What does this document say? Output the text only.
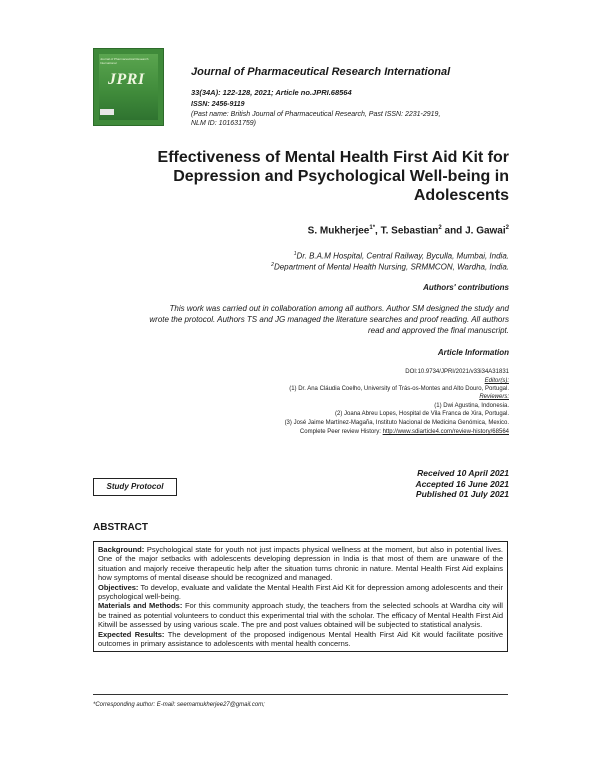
Journal of Pharmaceutical Research International
JPRI	Journal of Pharmaceutical Research International
33(34A): 122-128, 2021; Article no.JPRI.68564
ISSN: 2456-9119
(Past name: British Journal of Pharmaceutical Research, Past ISSN: 2231-2919,
NLM ID: 101631759)
Effectiveness of Mental Health First Aid Kit for
Depression and Psychological Well-being in
Adolescents
S. Mukherjee$^{1*}$, T. Sebastian$^2$ and J. Gawai$^2$
$^1$Dr. B.A.M Hospital, Central Railway, Byculla, Mumbai, India.
$^2$Department of Mental Health Nursing, SRMMCON, Wardha, India.
Authors' contributions
This work was carried out in collaboration among all authors. Author SM designed the study and
wrote the protocol. Authors TS and JG managed the literature searches and proof reading. All authors
read and approved the final manuscript.
Article Information
DOI:10.9734/JPRI/2021/v33i34A31831
Editor(s):
(1) Dr. Ana Cláudia Coelho, University of Trás-os-Montes and Alto Douro, Portugal.
Reviewers:
(1) Dwi Agustina, Indonesia.
(2) Joana Abreu Lopes, Hospital de Vila Franca de Xira, Portugal.
(3) José Jaime Martínez-Magaña, Instituto Nacional de Medicina Genómica, Mexico.
Complete Peer review History: http://www.sdiarticle4.com/review-history/68564
Received 10 April 2021
Accepted 16 June 2021
Published 01 July 2021
Study Protocol
ABSTRACT

Background: Psychological state for youth not just impacts physical wellness at the moment, but also in potential lives. One of the major setbacks with adolescents developing depression in India is that most of them are unaware of the situation and majorly receive therapeutic help after the situation turns chronic in nature. Mental Health First Aid explains how symptoms of mental disease should be recognized and managed.

Objectives: To develop, evaluate and validate the Mental Health First Aid Kit for depression among adolescents and their psychological well-being.

Materials and Methods: For this community approach study, the teachers from the selected schools at Wardha city will be trained as potential volunteers to conduct this experimental trial with the scholar. The efficacy of Mental Health First Aid Kitwill be assessed by using various scale. The pre and post values obtained will be subjected to statistical analysis.

Expected Results: The development of the proposed indigenous Mental Health First Aid Kit would facilitate positive outcomes in primary assistance to adolescents with mental health concerns.

*Corresponding author: E-mail: seemamukherjee27@gmail.com;
